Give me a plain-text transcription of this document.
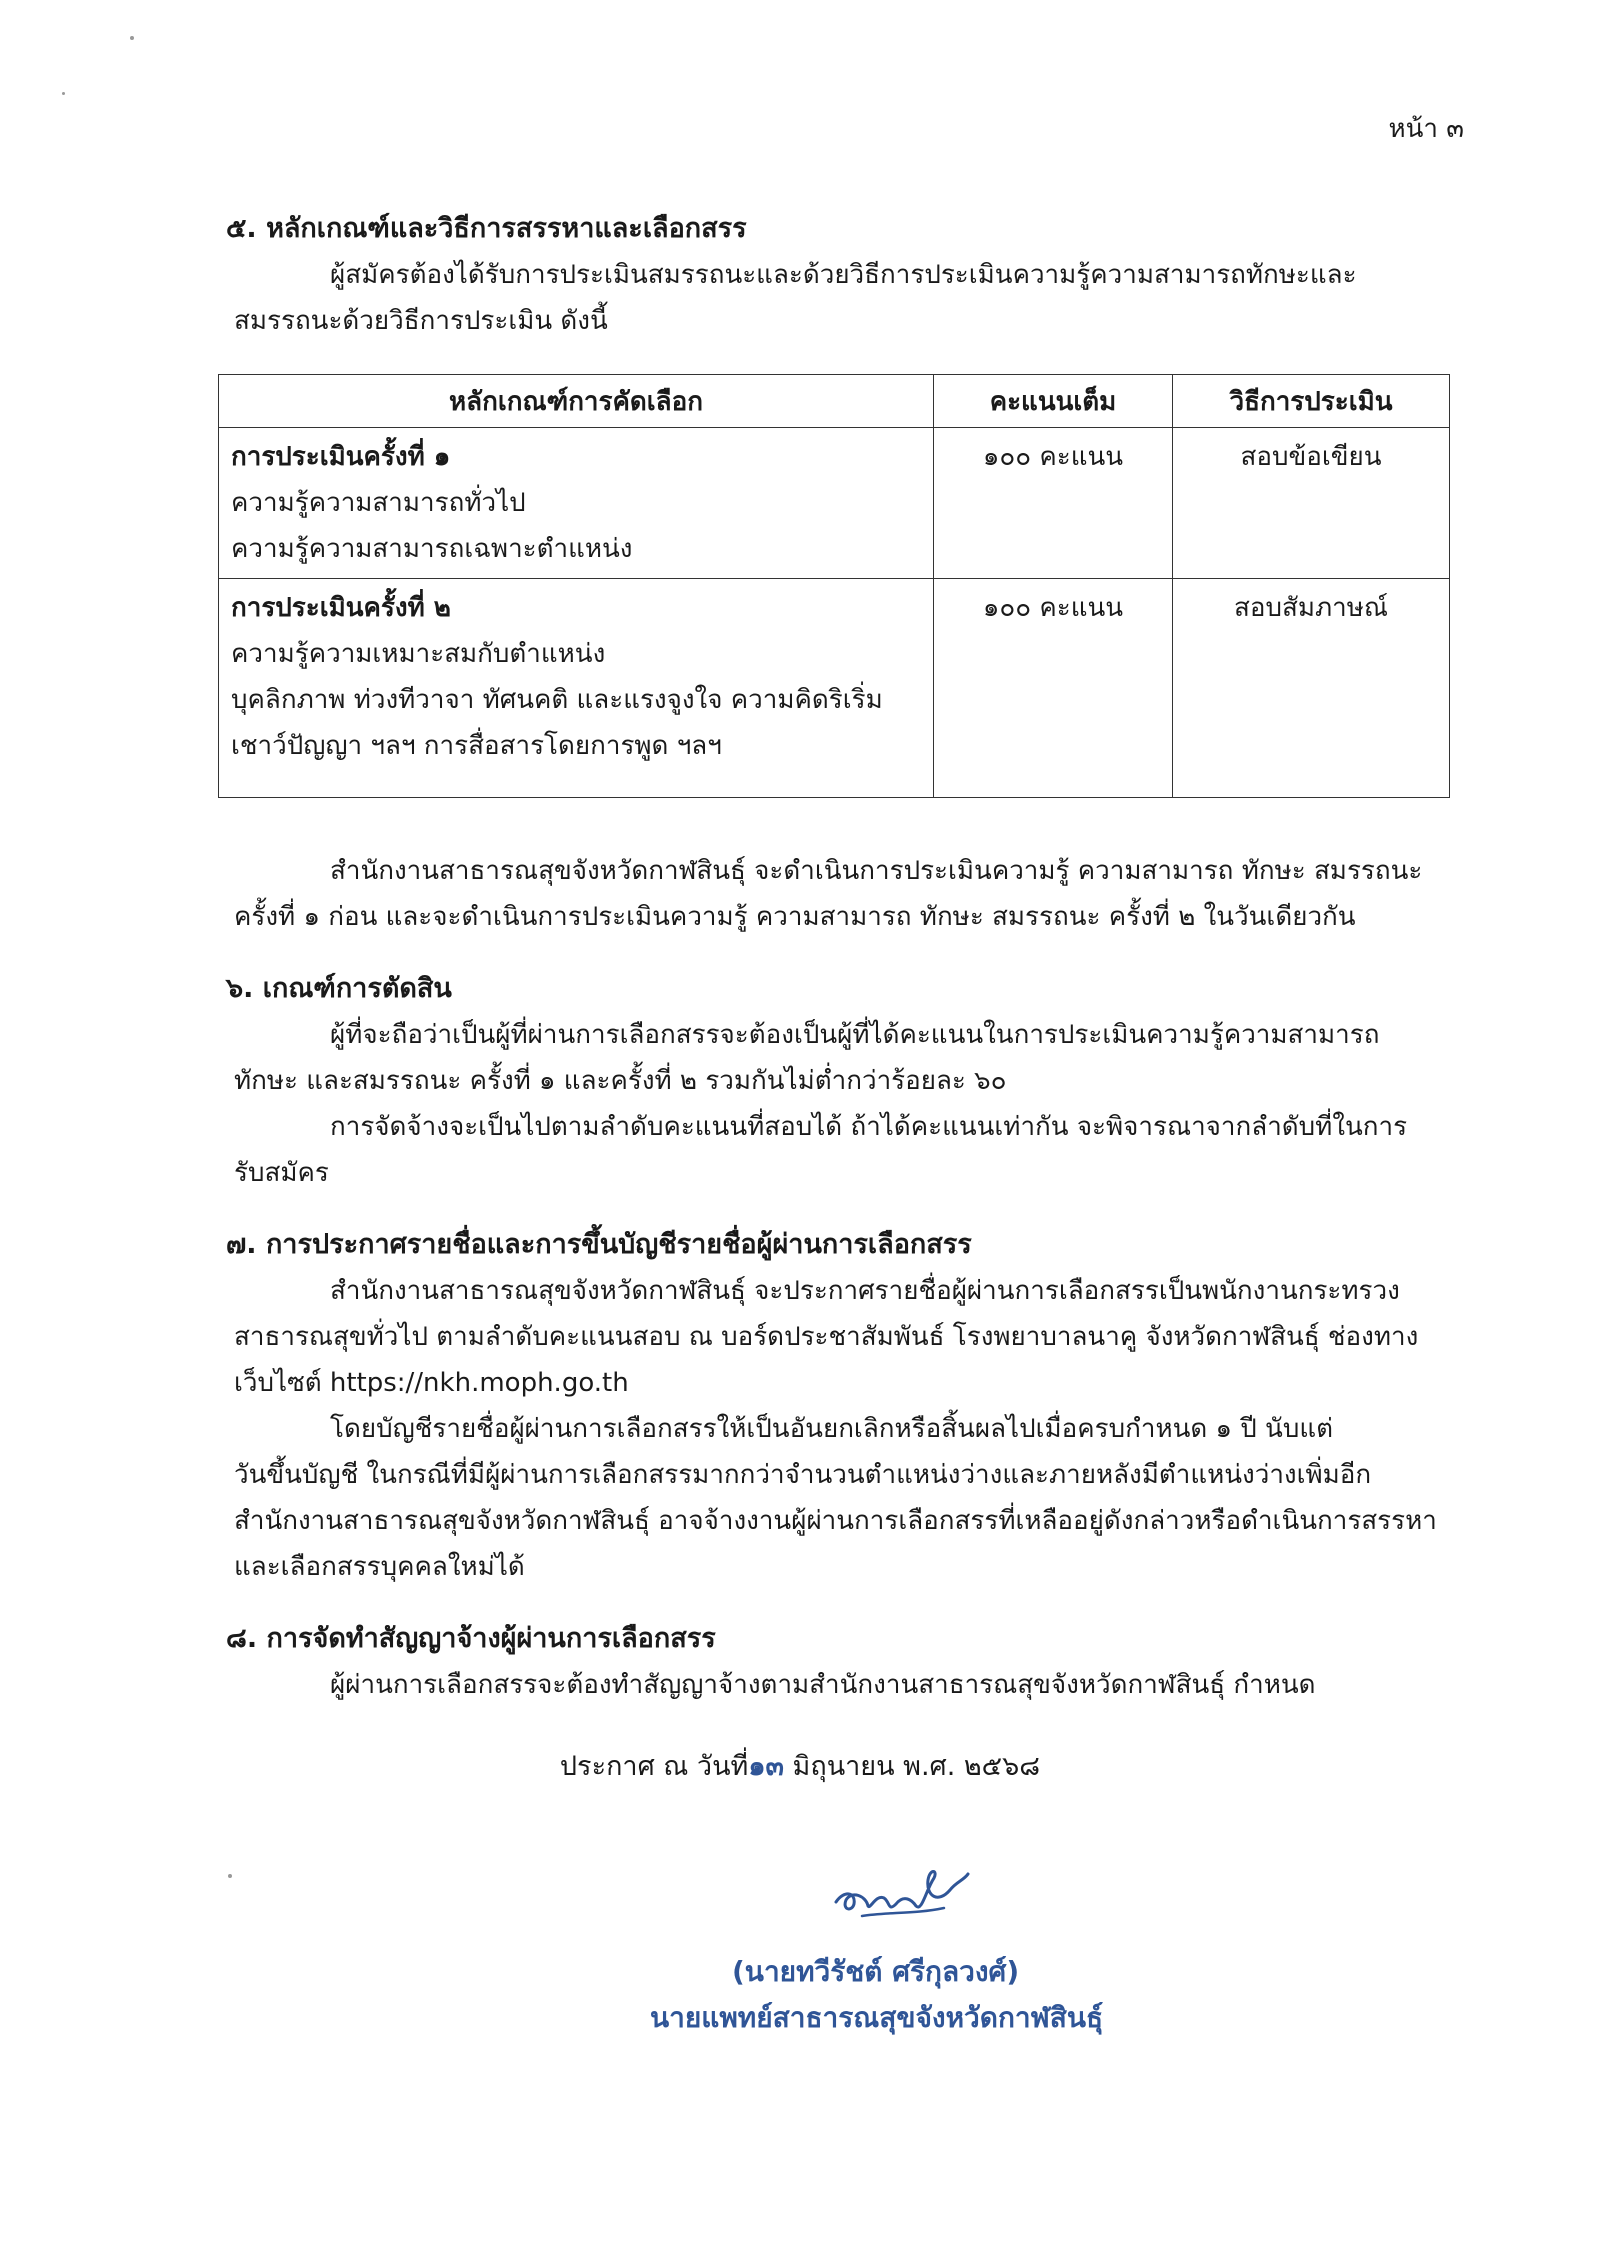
หน้า ๓
๕. หลักเกณฑ์และวิธีการสรรหาและเลือกสรร

ผู้สมัครต้องได้รับการประเมินสมรรถนะและด้วยวิธีการประเมินความรู้ความสามารถทักษะและ
สมรรถนะด้วยวิธีการประเมิน ดังนี้

หลักเกณฑ์การคัดเลือก	คะแนนเต็ม	วิธีการประเมิน

การประเมินครั้งที่ ๑
ความรู้ความสามารถทั่วไป
ความรู้ความสามารถเฉพาะตำแหน่ง	๑๐๐ คะแนน	สอบข้อเขียน

การประเมินครั้งที่ ๒
ความรู้ความเหมาะสมกับตำแหน่ง
บุคลิกภาพ ท่วงทีวาจา ทัศนคติ และแรงจูงใจ ความคิดริเริ่ม
เชาว์ปัญญา ฯลฯ การสื่อสารโดยการพูด ฯลฯ	๑๐๐ คะแนน	สอบสัมภาษณ์

สำนักงานสาธารณสุขจังหวัดกาฬสินธุ์ จะดำเนินการประเมินความรู้ ความสามารถ ทักษะ สมรรถนะ
ครั้งที่ ๑ ก่อน และจะดำเนินการประเมินความรู้ ความสามารถ ทักษะ สมรรถนะ ครั้งที่ ๒ ในวันเดียวกัน

๖. เกณฑ์การตัดสิน

ผู้ที่จะถือว่าเป็นผู้ที่ผ่านการเลือกสรรจะต้องเป็นผู้ที่ได้คะแนนในการประเมินความรู้ความสามารถ
ทักษะ และสมรรถนะ ครั้งที่ ๑ และครั้งที่ ๒ รวมกันไม่ต่ำกว่าร้อยละ ๖๐

การจัดจ้างจะเป็นไปตามลำดับคะแนนที่สอบได้ ถ้าได้คะแนนเท่ากัน จะพิจารณาจากลำดับที่ในการ
รับสมัคร

๗. การประกาศรายชื่อและการขึ้นบัญชีรายชื่อผู้ผ่านการเลือกสรร

สำนักงานสาธารณสุขจังหวัดกาฬสินธุ์ จะประกาศรายชื่อผู้ผ่านการเลือกสรรเป็นพนักงานกระทรวง
สาธารณสุขทั่วไป ตามลำดับคะแนนสอบ ณ บอร์ดประชาสัมพันธ์ โรงพยาบาลนาคู จังหวัดกาฬสินธุ์ ช่องทาง
เว็บไซต์ https://nkh.moph.go.th

โดยบัญชีรายชื่อผู้ผ่านการเลือกสรรให้เป็นอันยกเลิกหรือสิ้นผลไปเมื่อครบกำหนด ๑ ปี นับแต่
วันขึ้นบัญชี ในกรณีที่มีผู้ผ่านการเลือกสรรมากกว่าจำนวนตำแหน่งว่างและภายหลังมีตำแหน่งว่างเพิ่มอีก
สำนักงานสาธารณสุขจังหวัดกาฬสินธุ์ อาจจ้างงานผู้ผ่านการเลือกสรรที่เหลืออยู่ดังกล่าวหรือดำเนินการสรรหา
และเลือกสรรบุคคลใหม่ได้

๘. การจัดทำสัญญาจ้างผู้ผ่านการเลือกสรร

ผู้ผ่านการเลือกสรรจะต้องทำสัญญาจ้างตามสำนักงานสาธารณสุขจังหวัดกาฬสินธุ์ กำหนด

ประกาศ ณ วันที่๑๓ มิถุนายน พ.ศ. ๒๕๖๘
(นายทวีรัชต์ ศรีกุลวงศ์)
นายแพทย์สาธารณสุขจังหวัดกาฬสินธุ์
